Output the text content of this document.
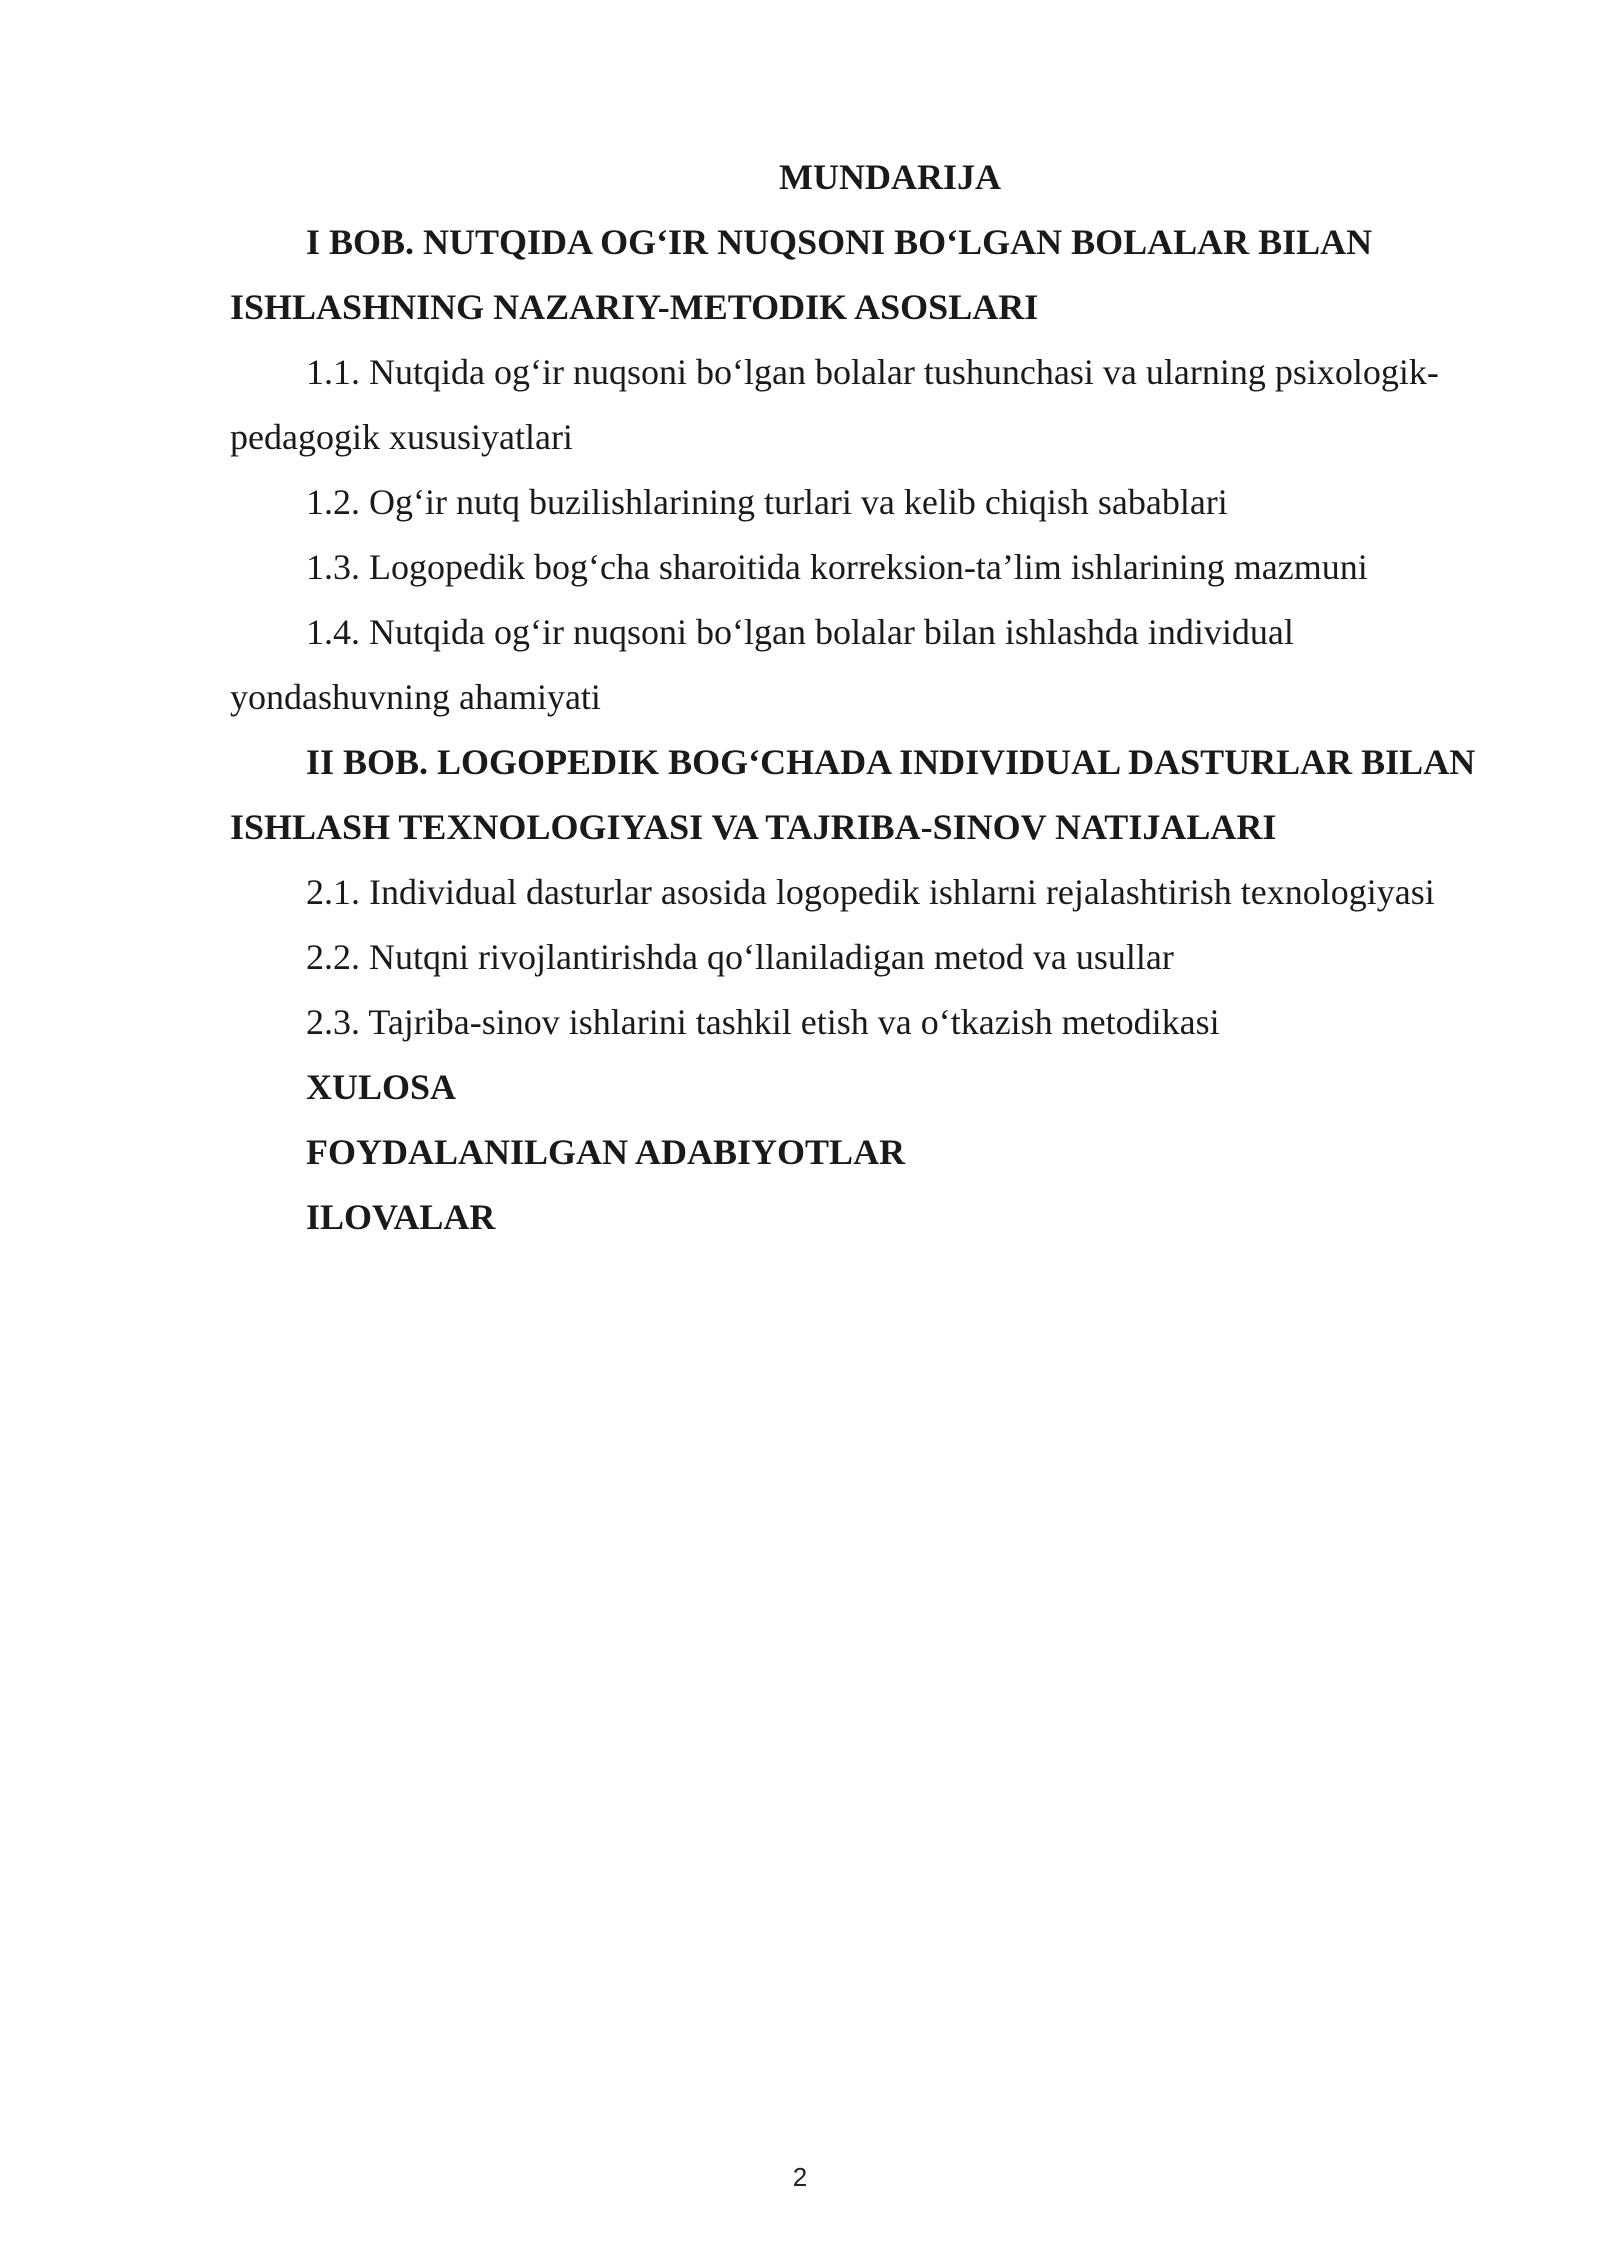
MUNDARIJA

I BOB. NUTQIDA OG‘IR NUQSONI BO‘LGAN BOLALAR BILAN ISHLASHNING NAZARIY-METODIK ASOSLARI

1.1. Nutqida og‘ir nuqsoni bo‘lgan bolalar tushunchasi va ularning psixologik-pedagogik xususiyatlari

1.2. Og‘ir nutq buzilishlarining turlari va kelib chiqish sabablari

1.3. Logopedik bog‘cha sharoitida korreksion-ta’lim ishlarining mazmuni

1.4. Nutqida og‘ir nuqsoni bo‘lgan bolalar bilan ishlashda individual yondashuvning ahamiyati

II BOB. LOGOPEDIK BOG‘CHADA INDIVIDUAL DASTURLAR BILAN ISHLASH TEXNOLOGIYASI VA TAJRIBA-SINOV NATIJALARI

2.1. Individual dasturlar asosida logopedik ishlarni rejalashtirish texnologiyasi

2.2. Nutqni rivojlantirishda qo‘llaniladigan metod va usullar

2.3. Tajriba-sinov ishlarini tashkil etish va o‘tkazish metodikasi

XULOSA

FOYDALANILGAN ADABIYOTLAR

ILOVALAR

2
